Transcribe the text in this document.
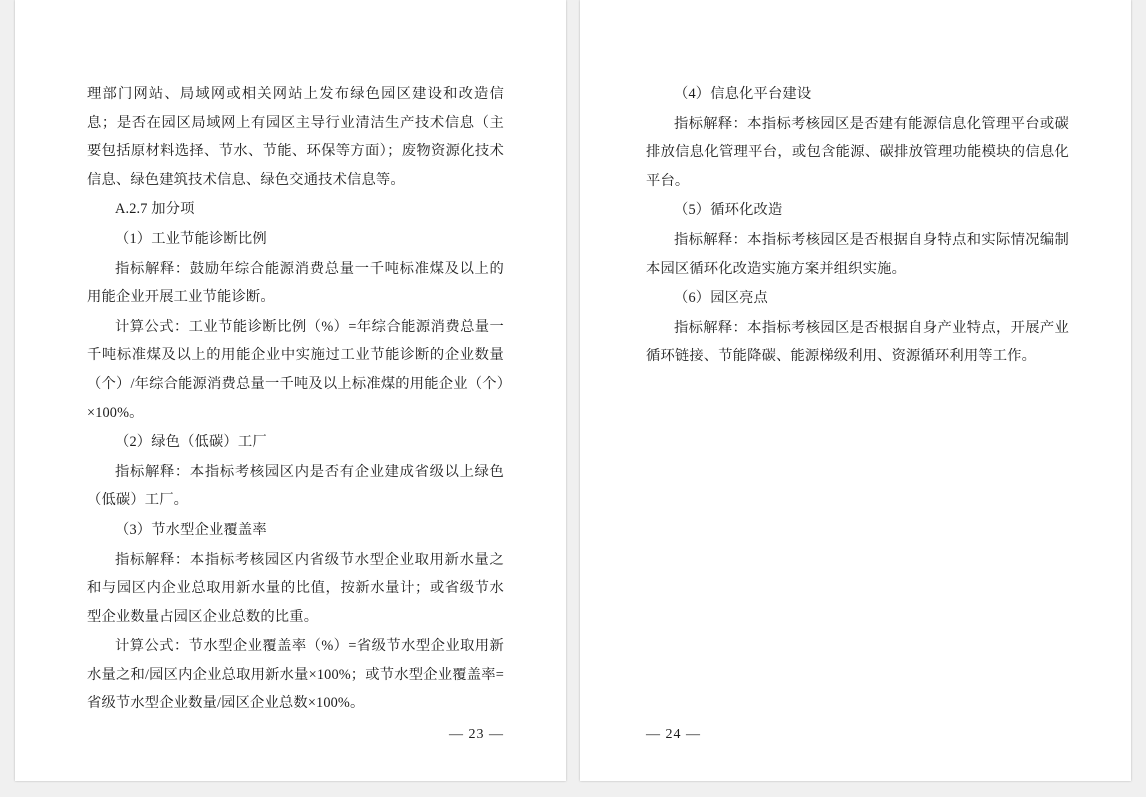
理部门网站、局域网或相关网站上发布绿色园区建设和改造信息；是否在园区局域网上有园区主导行业清洁生产技术信息（主要包括原材料选择、节水、节能、环保等方面）；废物资源化技术信息、绿色建筑技术信息、绿色交通技术信息等。

A.2.7 加分项

（1）工业节能诊断比例

指标解释：鼓励年综合能源消费总量一千吨标准煤及以上的用能企业开展工业节能诊断。

计算公式：工业节能诊断比例（%）=年综合能源消费总量一千吨标准煤及以上的用能企业中实施过工业节能诊断的企业数量（个）/年综合能源消费总量一千吨及以上标准煤的用能企业（个）×100%。

（2）绿色（低碳）工厂

指标解释：本指标考核园区内是否有企业建成省级以上绿色（低碳）工厂。

（3）节水型企业覆盖率

指标解释：本指标考核园区内省级节水型企业取用新水量之和与园区内企业总取用新水量的比值，按新水量计；或省级节水型企业数量占园区企业总数的比重。

计算公式：节水型企业覆盖率（%）=省级节水型企业取用新水量之和/园区内企业总取用新水量×100%；或节水型企业覆盖率=省级节水型企业数量/园区企业总数×100%。

— 23 —

（4）信息化平台建设

指标解释：本指标考核园区是否建有能源信息化管理平台或碳排放信息化管理平台，或包含能源、碳排放管理功能模块的信息化平台。

（5）循环化改造

指标解释：本指标考核园区是否根据自身特点和实际情况编制本园区循环化改造实施方案并组织实施。

（6）园区亮点

指标解释：本指标考核园区是否根据自身产业特点，开展产业循环链接、节能降碳、能源梯级利用、资源循环利用等工作。

— 24 —
